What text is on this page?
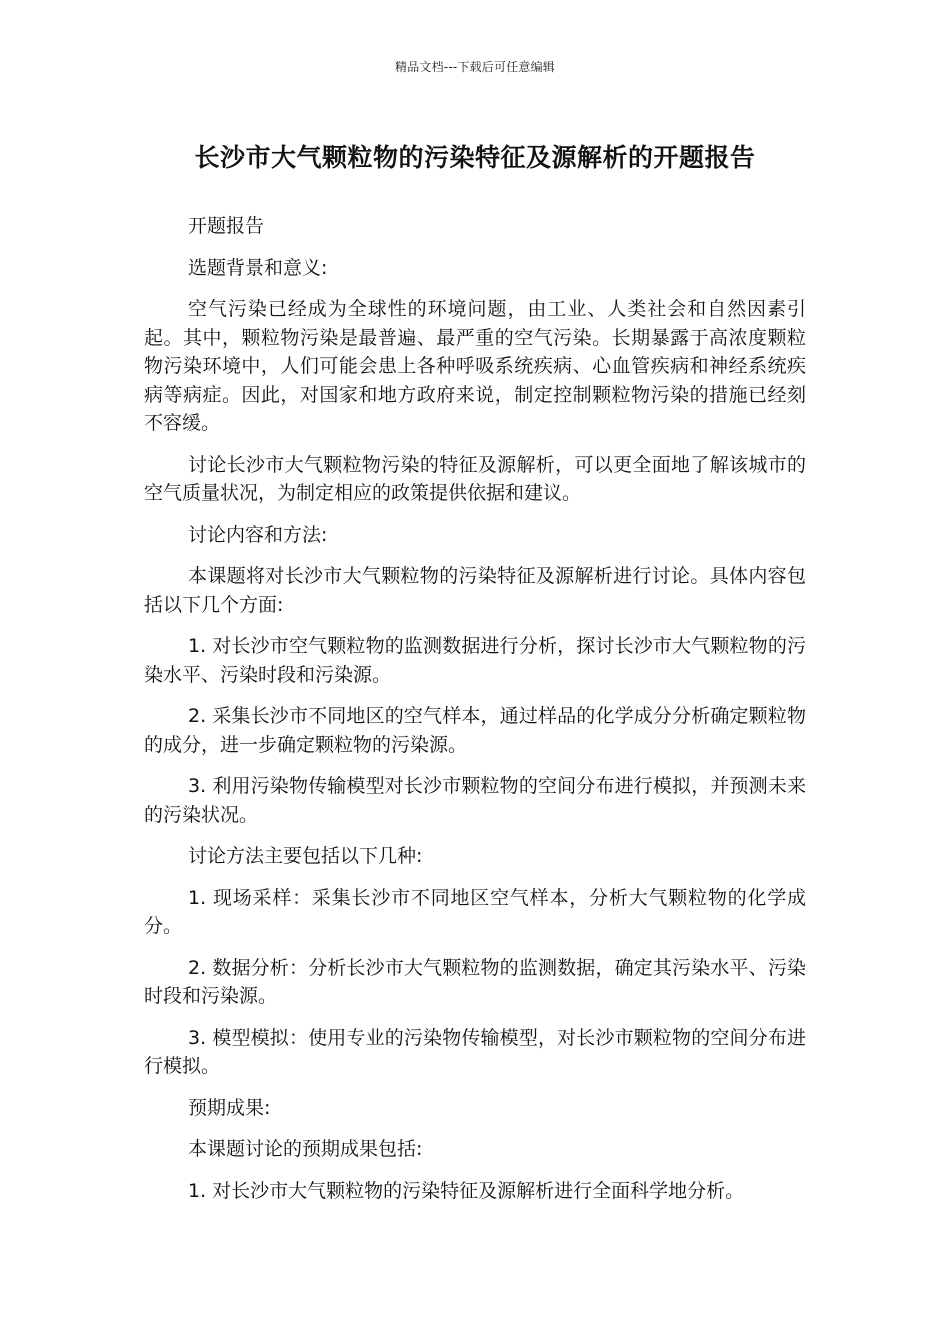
精品文档---下载后可任意编辑
长沙市大气颗粒物的污染特征及源解析的开题报告

开题报告

选题背景和意义:

空气污染已经成为全球性的环境问题，由工业、人类社会和自然因素引起。其中，颗粒物污染是最普遍、最严重的空气污染。长期暴露于高浓度颗粒物污染环境中，人们可能会患上各种呼吸系统疾病、心血管疾病和神经系统疾病等病症。因此，对国家和地方政府来说，制定控制颗粒物污染的措施已经刻不容缓。

讨论长沙市大气颗粒物污染的特征及源解析，可以更全面地了解该城市的空气质量状况，为制定相应的政策提供依据和建议。

讨论内容和方法:

本课题将对长沙市大气颗粒物的污染特征及源解析进行讨论。具体内容包括以下几个方面:

1. 对长沙市空气颗粒物的监测数据进行分析，探讨长沙市大气颗粒物的污染水平、污染时段和污染源。

2. 采集长沙市不同地区的空气样本，通过样品的化学成分分析确定颗粒物的成分，进一步确定颗粒物的污染源。

3. 利用污染物传输模型对长沙市颗粒物的空间分布进行模拟，并预测未来的污染状况。

讨论方法主要包括以下几种:

1. 现场采样：采集长沙市不同地区空气样本，分析大气颗粒物的化学成分。

2. 数据分析：分析长沙市大气颗粒物的监测数据，确定其污染水平、污染时段和污染源。

3. 模型模拟：使用专业的污染物传输模型，对长沙市颗粒物的空间分布进行模拟。

预期成果:

本课题讨论的预期成果包括:

1. 对长沙市大气颗粒物的污染特征及源解析进行全面科学地分析。
